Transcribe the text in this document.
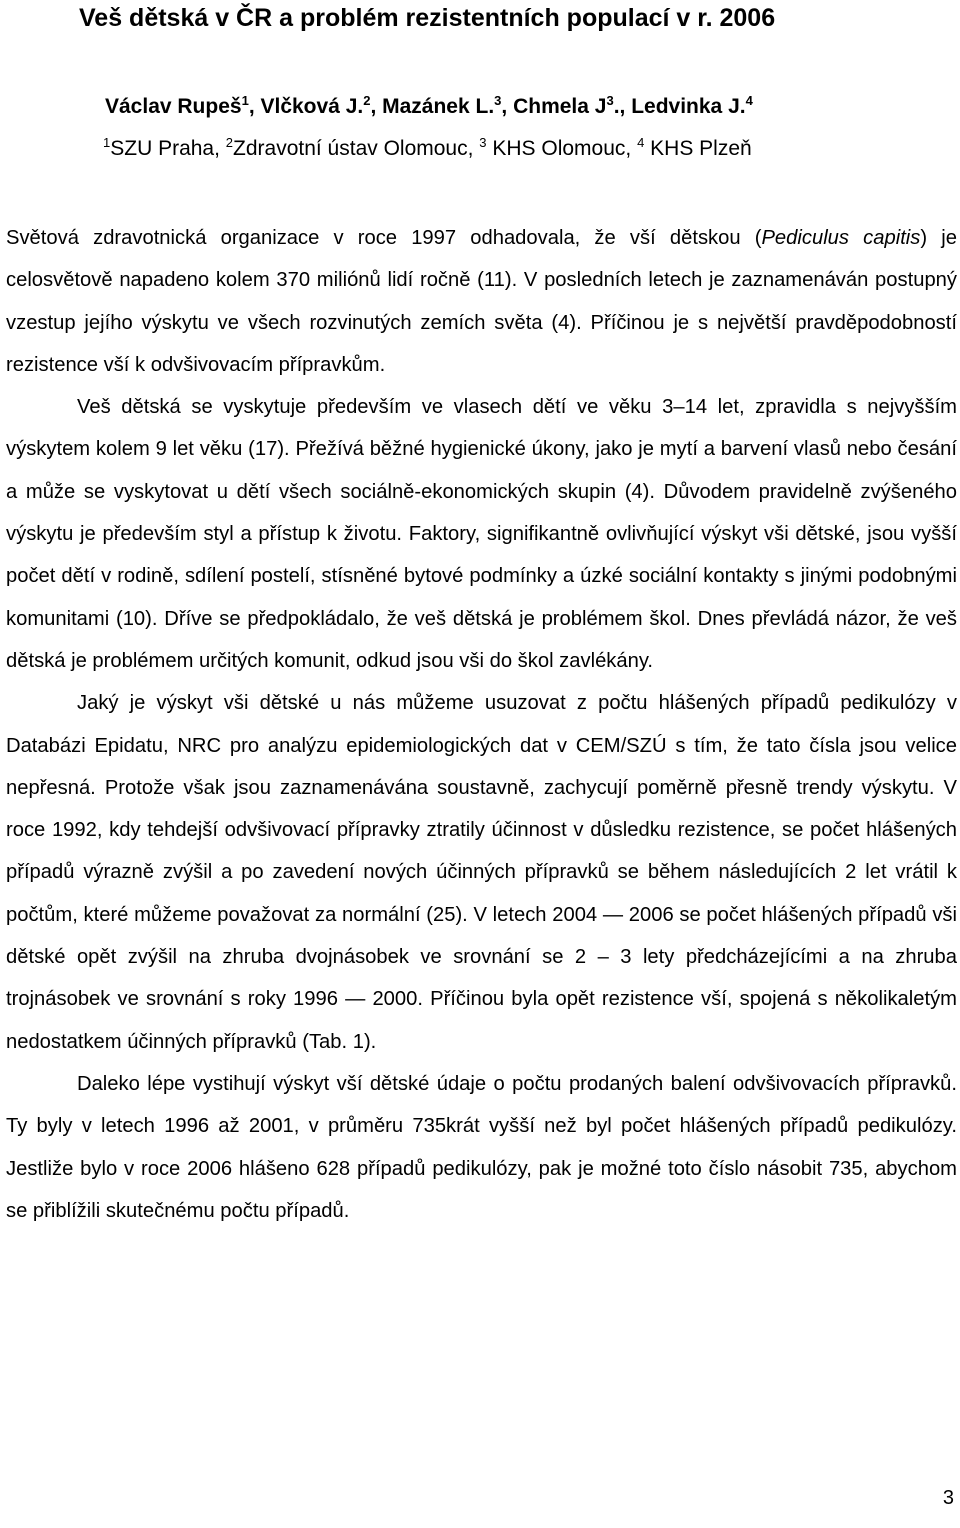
Veš dětská v ČR a problém rezistentních populací v r. 2006

Václav Rupeš$^1$, Vlčková J.$^2$, Mazánek L.$^3$, Chmela $J^3$., Ledvinka J.$^4$

$^1$SZU Praha, $^2$Zdravotní ústav Olomouc, $^3$ KHS Olomouc, $^4$ KHS Plzeň

Světová zdravotnická organizace v roce 1997 odhadovala, že vší dětskou (Pediculus capitis) je celosvětově napadeno kolem 370 miliónů lidí ročně (11). V posledních letech je zaznamenáván postupný vzestup jejího výskytu ve všech rozvinutých zemích světa (4). Příčinou je s největší pravděpodobností rezistence vší k odvšivovacím přípravkům.

Veš dětská se vyskytuje především ve vlasech dětí ve věku 3–14 let, zpravidla s nejvyšším výskytem kolem 9 let věku (17). Přežívá běžné hygienické úkony, jako je mytí a barvení vlasů nebo česání a může se vyskytovat u dětí všech sociálně-ekonomických skupin (4). Důvodem pravidelně zvýšeného výskytu je především styl a přístup k životu. Faktory, signifikantně ovlivňující výskyt vši dětské, jsou vyšší počet dětí v rodině, sdílení postelí, stísněné bytové podmínky a úzké sociální kontakty s jinými podobnými komunitami (10). Dříve se předpokládalo, že veš dětská je problémem škol. Dnes převládá názor, že veš dětská je problémem určitých komunit, odkud jsou vši do škol zavlékány.

Jaký je výskyt vši dětské u nás můžeme usuzovat z počtu hlášených případů pedikulózy v Databázi Epidatu, NRC pro analýzu epidemiologických dat v CEM/SZÚ s tím, že tato čísla jsou velice nepřesná. Protože však jsou zaznamenávána soustavně, zachycují poměrně přesně trendy výskytu. V roce 1992, kdy tehdejší odvšivovací přípravky ztratily účinnost v důsledku rezistence, se počet hlášených případů výrazně zvýšil a po zavedení nových účinných přípravků se během následujících 2 let vrátil k počtům, které můžeme považovat za normální (25). V letech 2004 — 2006 se počet hlášených případů vši dětské opět zvýšil na zhruba dvojnásobek ve srovnání se 2 – 3 lety předcházejícími a na zhruba trojnásobek ve srovnání s roky 1996 — 2000. Příčinou byla opět rezistence vší, spojená s několikaletým nedostatkem účinných přípravků (Tab. 1).

Daleko lépe vystihují výskyt vší dětské údaje o počtu prodaných balení odvšivovacích přípravků. Ty byly v letech 1996 až 2001, v průměru 735krát vyšší než byl počet hlášených případů pedikulózy. Jestliže bylo v roce 2006 hlášeno 628 případů pedikulózy, pak je možné toto číslo násobit 735, abychom se přiblížili skutečnému počtu případů.

3
